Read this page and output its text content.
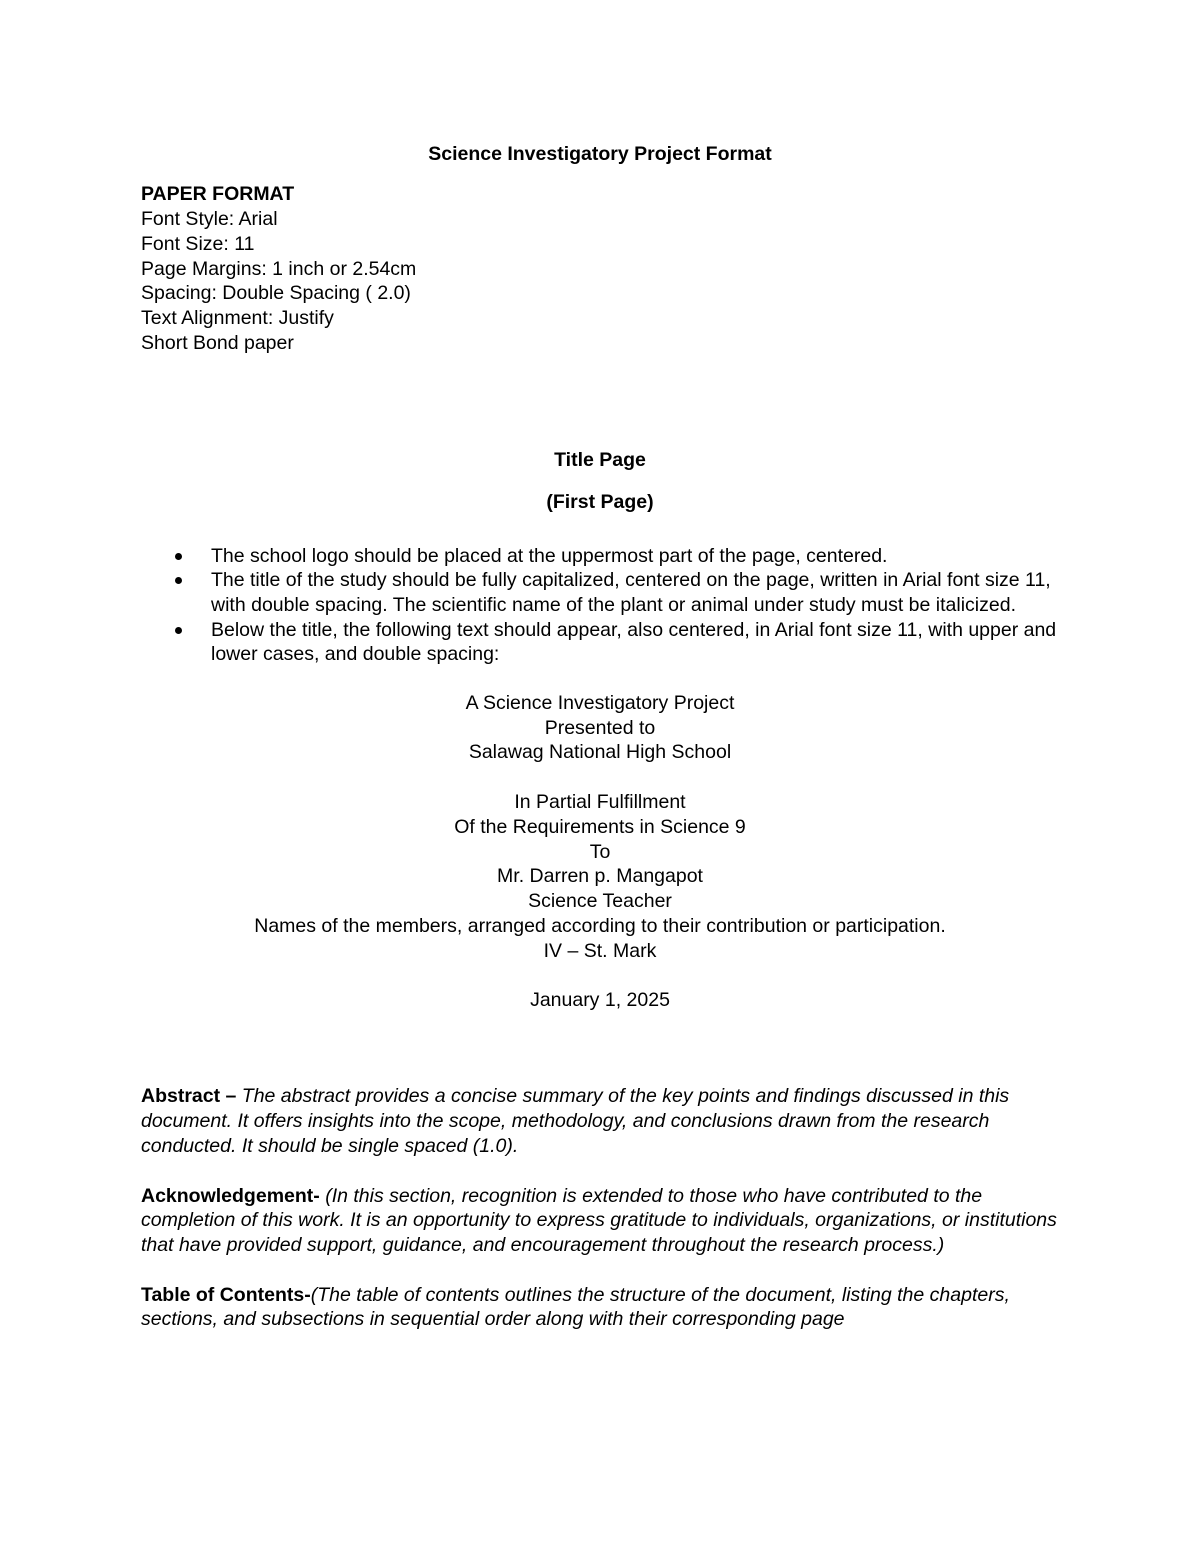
Science Investigatory Project Format

PAPER FORMAT

Font Style: Arial
Font Size: 11
Page Margins: 1 inch or 2.54cm
Spacing: Double Spacing ( 2.0)
Text Alignment: Justify
Short Bond paper

Title Page

(First Page)

The school logo should be placed at the uppermost part of the page, centered.
The title of the study should be fully capitalized, centered on the page, written in Arial font size 11, with double spacing. The scientific name of the plant or animal under study must be italicized.
Below the title, the following text should appear, also centered, in Arial font size 11, with upper and lower cases, and double spacing:
A Science Investigatory Project
Presented to
Salawag National High School
In Partial Fulfillment
Of the Requirements in Science 9
To
Mr. Darren p. Mangapot
Science Teacher
Names of the members, arranged according to their contribution or participation.
IV – St. Mark

January 1, 2025

Abstract – The abstract provides a concise summary of the key points and findings discussed in this document. It offers insights into the scope, methodology, and conclusions drawn from the research conducted. It should be single spaced (1.0).

Acknowledgement- (In this section, recognition is extended to those who have contributed to the completion of this work. It is an opportunity to express gratitude to individuals, organizations, or institutions that have provided support, guidance, and encouragement throughout the research process.)

Table of Contents-(The table of contents outlines the structure of the document, listing the chapters, sections, and subsections in sequential order along with their corresponding page
